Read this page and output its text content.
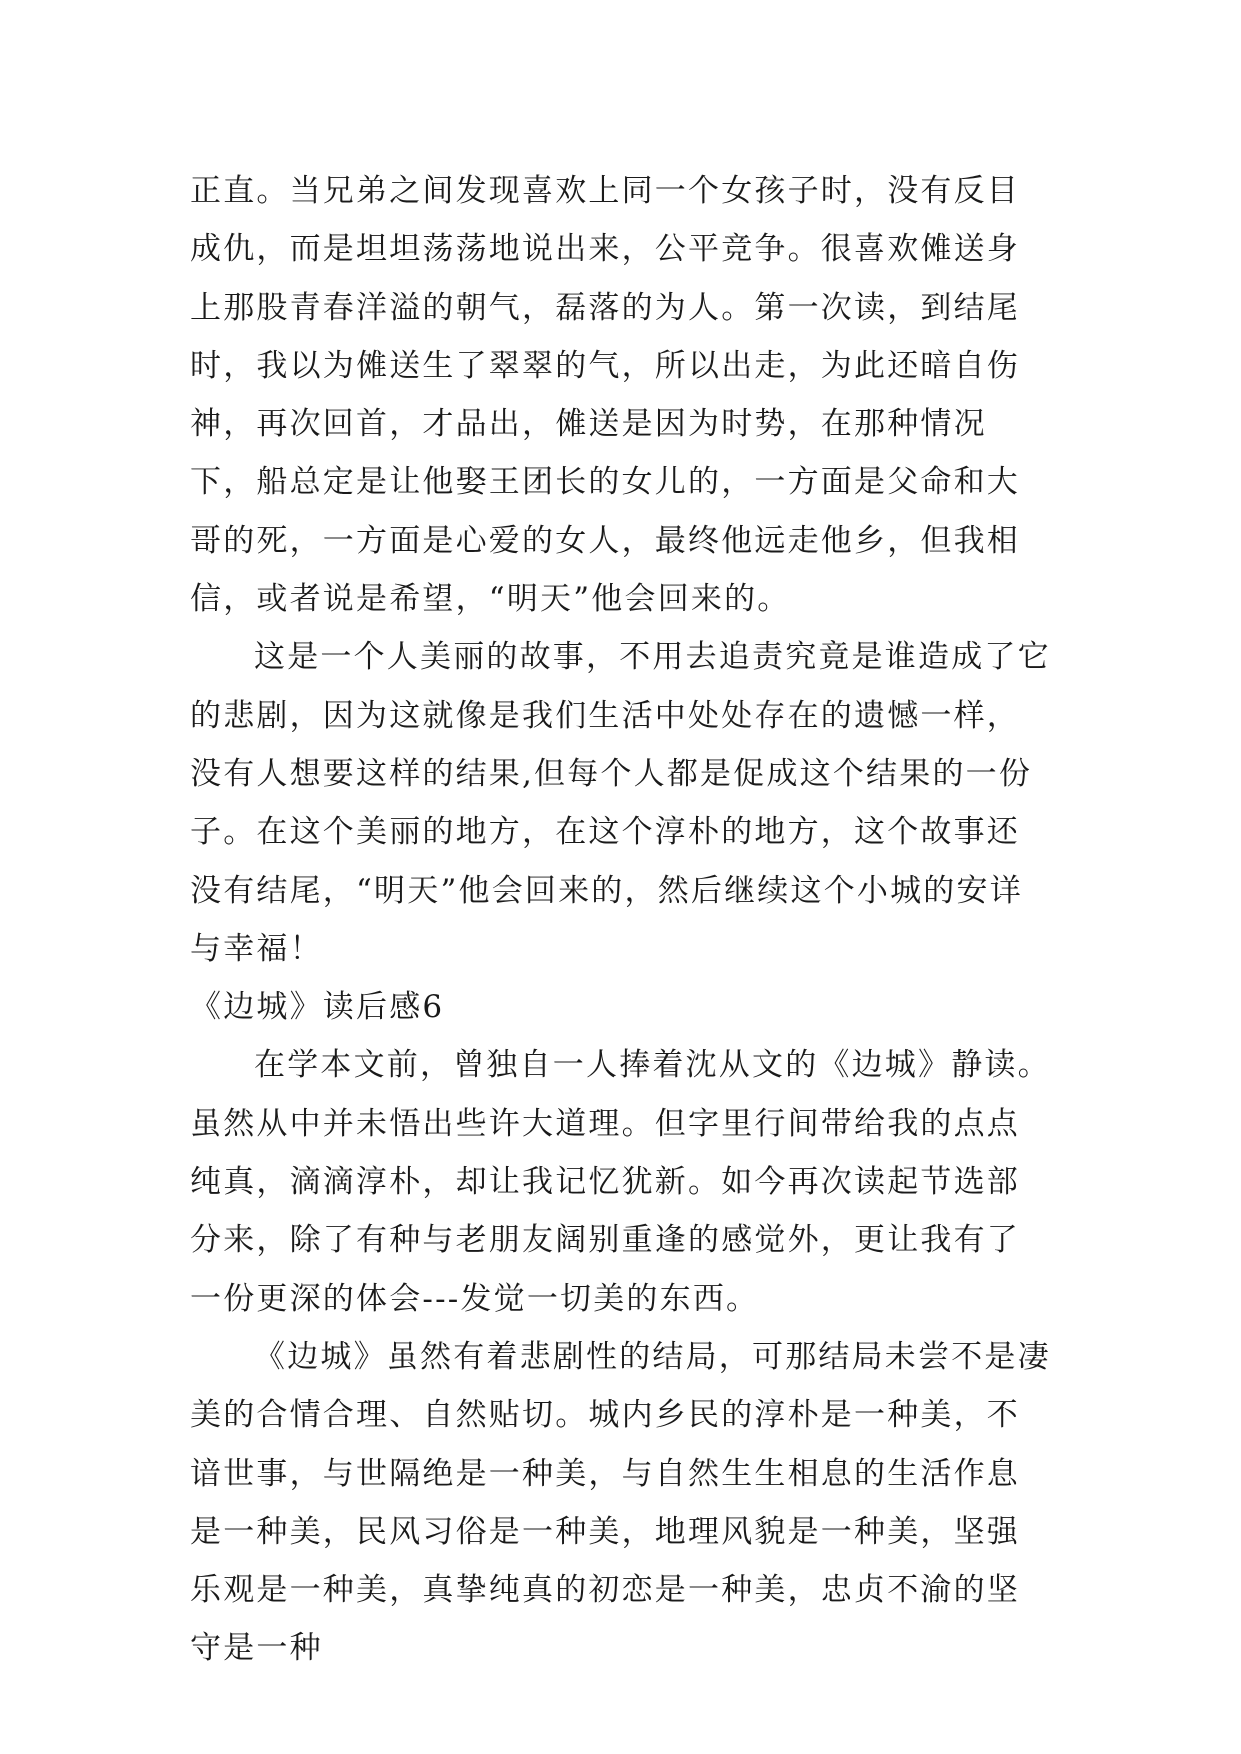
正直。当兄弟之间发现喜欢上同一个女孩子时，没有反目成仇，而是坦坦荡荡地说出来，公平竞争。很喜欢傩送身上那股青春洋溢的朝气，磊落的为人。第一次读，到结尾时，我以为傩送生了翠翠的气，所以出走，为此还暗自伤神，再次回首，才品出，傩送是因为时势，在那种情况下，船总定是让他娶王团长的女儿的，一方面是父命和大哥的死，一方面是心爱的女人，最终他远走他乡，但我相信，或者说是希望，“明天”他会回来的。

这是一个人美丽的故事，不用去追责究竟是谁造成了它的悲剧，因为这就像是我们生活中处处存在的遗憾一样，没有人想要这样的结果,但每个人都是促成这个结果的一份子。在这个美丽的地方，在这个淳朴的地方，这个故事还没有结尾，“明天”他会回来的，然后继续这个小城的安详与幸福！

《边城》读后感6

在学本文前，曾独自一人捧着沈从文的《边城》静读。虽然从中并未悟出些许大道理。但字里行间带给我的点点纯真，滴滴淳朴，却让我记忆犹新。如今再次读起节选部分来，除了有种与老朋友阔别重逢的感觉外，更让我有了一份更深的体会---发觉一切美的东西。

《边城》虽然有着悲剧性的结局，可那结局未尝不是凄美的合情合理、自然贴切。城内乡民的淳朴是一种美，不谙世事，与世隔绝是一种美，与自然生生相息的生活作息是一种美，民风习俗是一种美，地理风貌是一种美，坚强乐观是一种美，真挚纯真的初恋是一种美，忠贞不渝的坚守是一种
